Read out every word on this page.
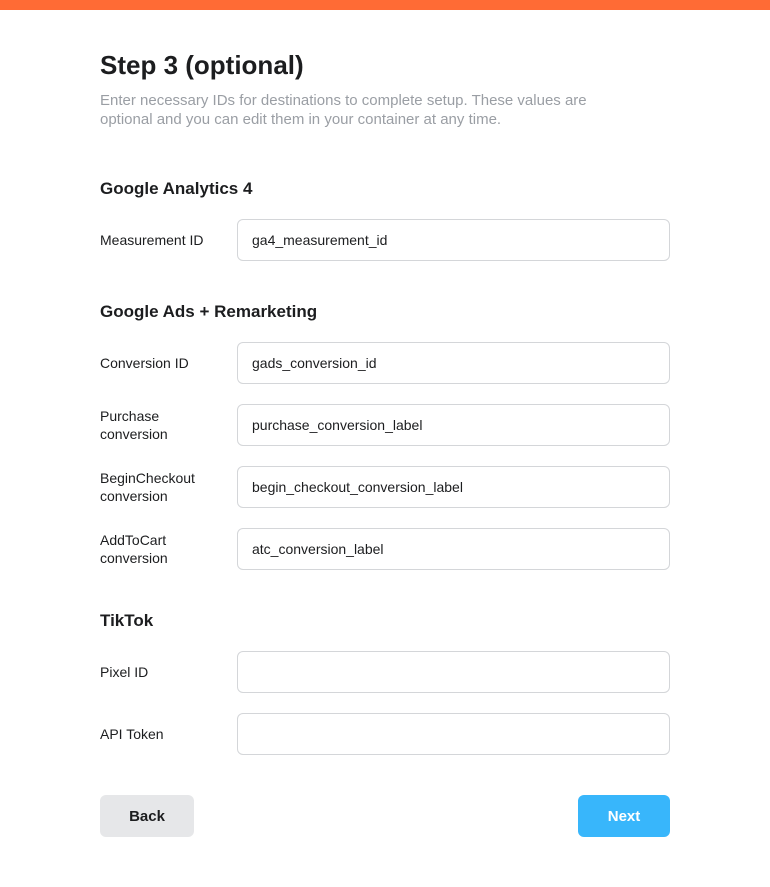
Step 3 (optional)
Enter necessary IDs for destinations to complete setup. These values are optional and you can edit them in your container at any time.
Google Analytics 4
Measurement ID
ga4_measurement_id
Google Ads + Remarketing
Conversion ID
gads_conversion_id
Purchase
conversion
purchase_conversion_label
BeginCheckout
conversion
begin_checkout_conversion_label
AddToCart
conversion
atc_conversion_label
TikTok
Pixel ID
API Token
Back	Next
